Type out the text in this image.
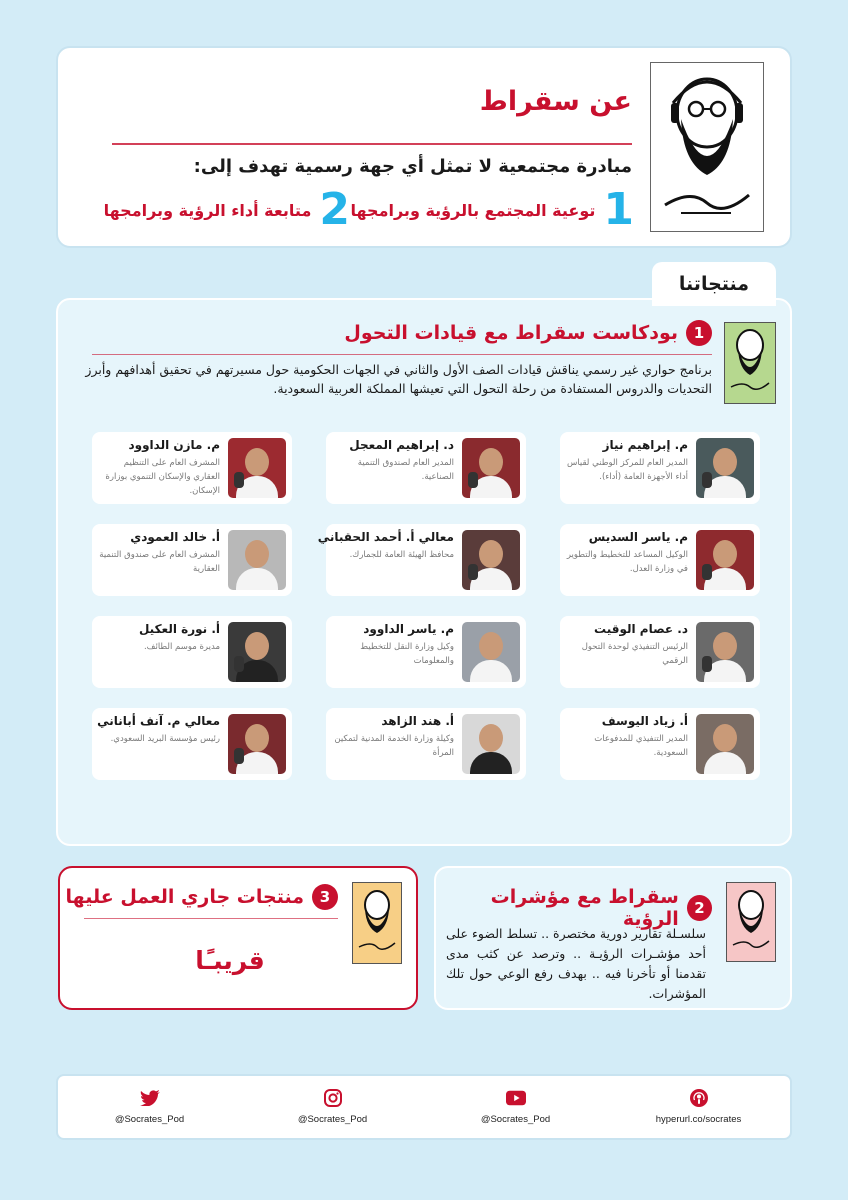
عن سقراط
مبادرة مجتمعية لا تمثل أي جهة رسمية تهدف إلى:
1
توعية المجتمع بالرؤية وبرامجها
2
متابعة أداء الرؤية وبرامجها
منتجاتنا
1
بودكاست سقراط مع قيادات التحول
برنامج حواري غير رسمي يناقش قيادات الصف الأول والثاني في الجهات الحكومية حول مسيرتهم في تحقيق أهدافهم وأبرز التحديات والدروس المستفادة من رحلة التحول التي تعيشها المملكة العربية السعودية.
م. إبراهيم نياز
المدير العام للمركز الوطني لقياس أداء الأجهزة العامة (أداء).
د. إبراهيم المعجل
المدير العام لصندوق التنمية الصناعية.
م. مازن الداوود
المشرف العام على التنظيم العقاري والإسكان التنموي بوزارة الإسكان.
م. ياسر السديس
الوكيل المساعد للتخطيط والتطوير في وزارة العدل.
معالي أ. أحمد الحقباني
محافظ الهيئة العامة للجمارك.
أ. خالد العمودي
المشرف العام على صندوق التنمية العقارية
د. عصام الوقيت
الرئيس التنفيذي لوحدة التحول الرقمي
م. ياسر الداوود
وكيل وزارة النقل للتخطيط والمعلومات
أ. نورة العكيل
مديرة موسم الطائف.
أ. زياد اليوسف
المدير التنفيذي للمدفوعات السعودية.
أ. هند الزاهد
وكيلة وزارة الخدمة المدنية لتمكين المرأة
معالي م. آنف أباناني
رئيس مؤسسة البريد السعودي.
2
سقراط مع مؤشرات الرؤية
سلسـلة تقارير دورية مختصرة .. تسلط الضوء على أحد مؤشـرات الرؤيـة .. وترصد عن كثب مدى تقدمنا أو تأخرنا فيه .. بهدف رفع الوعي حول تلك المؤشرات.
3
منتجات جاري العمل عليها
قريبـًا
@Socrates_Pod	@Socrates_Pod	@Socrates_Pod	hyperurl.co/socrates
